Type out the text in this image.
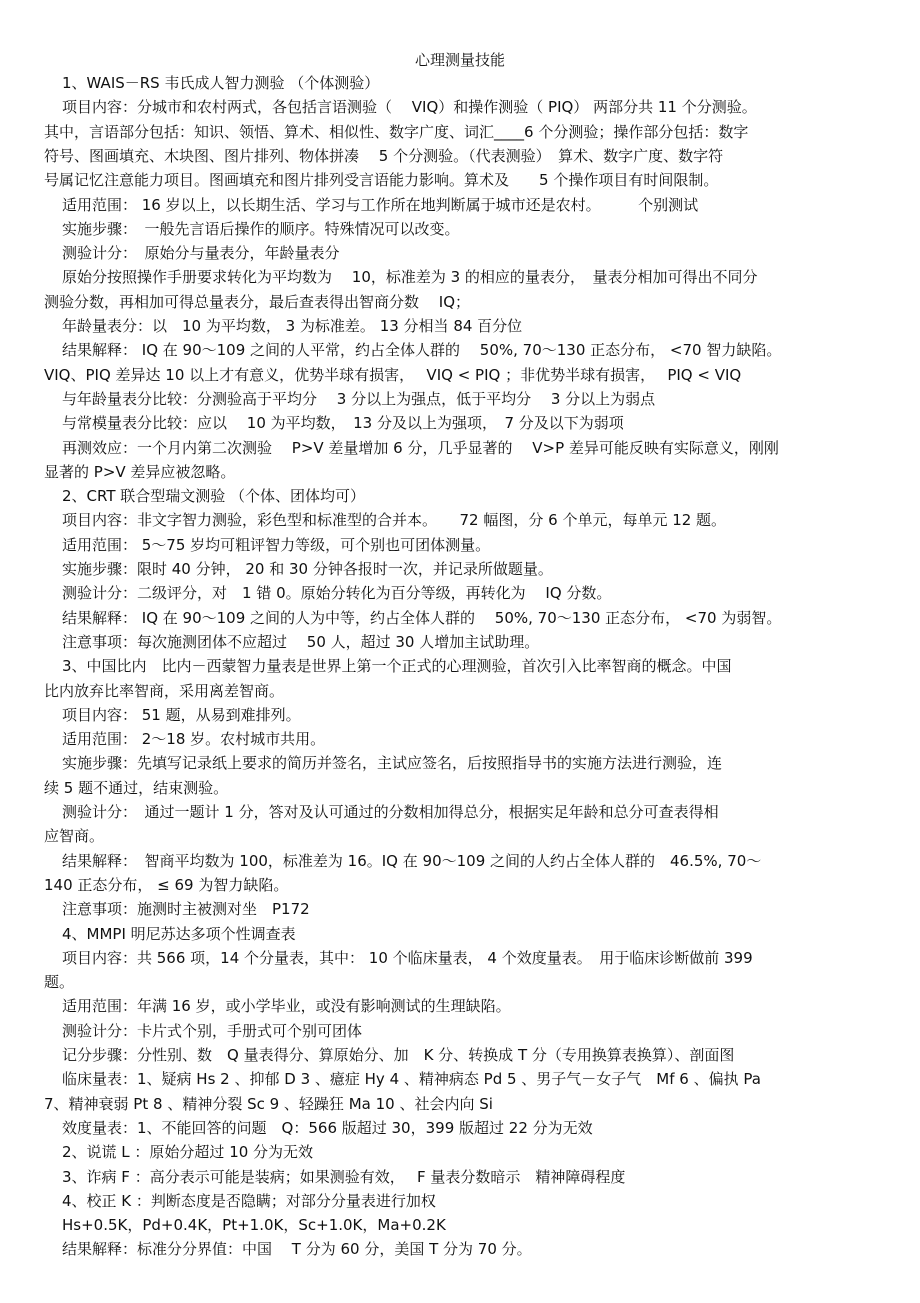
心理测量技能
1、WAIS－RS 韦氏成人智力测验 （个体测验）
项目内容：分城市和农村两式，各包括言语测验（　 VIQ）和操作测验（ PIQ） 两部分共 11 个分测验。
其中，言语部分包括：知识、领悟、算术、相似性、数字广度、词汇____6 个分测验；操作部分包括：数字
符号、图画填充、木块图、图片排列、物体拼凑　 5 个分测验。（代表测验）　算术、数字广度、数字符
号属记忆注意能力项目。图画填充和图片排列受言语能力影响。算术及　　5 个操作项目有时间限制。
适用范围： 16 岁以上，以长期生活、学习与工作所在地判断属于城市还是农村。　　　个别测试
实施步骤：　一般先言语后操作的顺序。特殊情况可以改变。
测验计分：　原始分与量表分，年龄量表分
原始分按照操作手册要求转化为平均数为　 10，标准差为 3 的相应的量表分，　量表分相加可得出不同分
测验分数，再相加可得总量表分，最后查表得出智商分数　 IQ；
年龄量表分：以　10 为平均数， 3 为标准差。 13 分相当 84 百分位
结果解释： IQ 在 90～109 之间的人平常，约占全体人群的　 50%, 70～130 正态分布， <70 智力缺陷。
VIQ、PIQ 差异达 10 以上才有意义，优势半球有损害，　 VIQ < PIQ ；非优势半球有损害，　 PIQ < VIQ
与年龄量表分比较：分测验高于平均分　 3 分以上为强点，低于平均分　 3 分以上为弱点
与常模量表分比较：应以　 10 为平均数，　13 分及以上为强项，　7 分及以下为弱项
再测效应：一个月内第二次测验　 P>V 差量增加 6 分，几乎显著的　 V>P 差异可能反映有实际意义，刚刚
显著的 P>V 差异应被忽略。
2、CRT 联合型瑞文测验 （个体、团体均可）
项目内容：非文字智力测验，彩色型和标准型的合并本。　　72 幅图，分 6 个单元，每单元 12 题。
适用范围： 5～75 岁均可粗评智力等级，可个别也可团体测量。
实施步骤：限时 40 分钟， 20 和 30 分钟各报时一次，并记录所做题量。
测验计分：二级评分，对　1 错 0。原始分转化为百分等级，再转化为　 IQ 分数。
结果解释： IQ 在 90～109 之间的人为中等，约占全体人群的　 50%, 70～130 正态分布， <70 为弱智。
注意事项：每次施测团体不应超过　 50 人，超过 30 人增加主试助理。
3、中国比内　比内－西蒙智力量表是世界上第一个正式的心理测验，首次引入比率智商的概念。中国
比内放弃比率智商，采用离差智商。
项目内容： 51 题，从易到难排列。
适用范围： 2～18 岁。农村城市共用。
实施步骤：先填写记录纸上要求的简历并签名，主试应签名，后按照指导书的实施方法进行测验，连
续 5 题不通过，结束测验。
测验计分：　通过一题计 1 分，答对及认可通过的分数相加得总分，根据实足年龄和总分可查表得相
应智商。
结果解释：　智商平均数为 100，标准差为 16。IQ 在 90～109 之间的人约占全体人群的　46.5%, 70～
140 正态分布， ≤ 69 为智力缺陷。
注意事项：施测时主被测对坐　P172
4、MMPI 明尼苏达多项个性调查表
项目内容：共 566 项，14 个分量表，其中： 10 个临床量表， 4 个效度量表。　用于临床诊断做前 399
题。
适用范围：年满 16 岁，或小学毕业，或没有影响测试的生理缺陷。
测验计分：卡片式个别，手册式可个别可团体
记分步骤：分性别、数　Q 量表得分、算原始分、加　K 分、转换成 T 分（专用换算表换算）、剖面图
临床量表：1、疑病 Hs 2 、抑郁 D 3 、癔症 Hy 4 、精神病态 Pd 5 、男子气－女子气　Mf 6 、偏执 Pa
7、精神衰弱 Pt 8 、精神分裂 Sc 9 、轻躁狂 Ma 10 、社会内向 Si
效度量表：1、不能回答的问题　Q：566 版超过 30，399 版超过 22 分为无效
2、说谎 L ：原始分超过 10 分为无效
3、诈病 F ：高分表示可能是装病；如果测验有效，　 F 量表分数暗示　精神障碍程度
4、校正 K ：判断态度是否隐瞒；对部分分量表进行加权
Hs+0.5K，Pd+0.4K，Pt+1.0K，Sc+1.0K，Ma+0.2K
结果解释：标准分分界值：中国　 T 分为 60 分，美国 T 分为 70 分。
